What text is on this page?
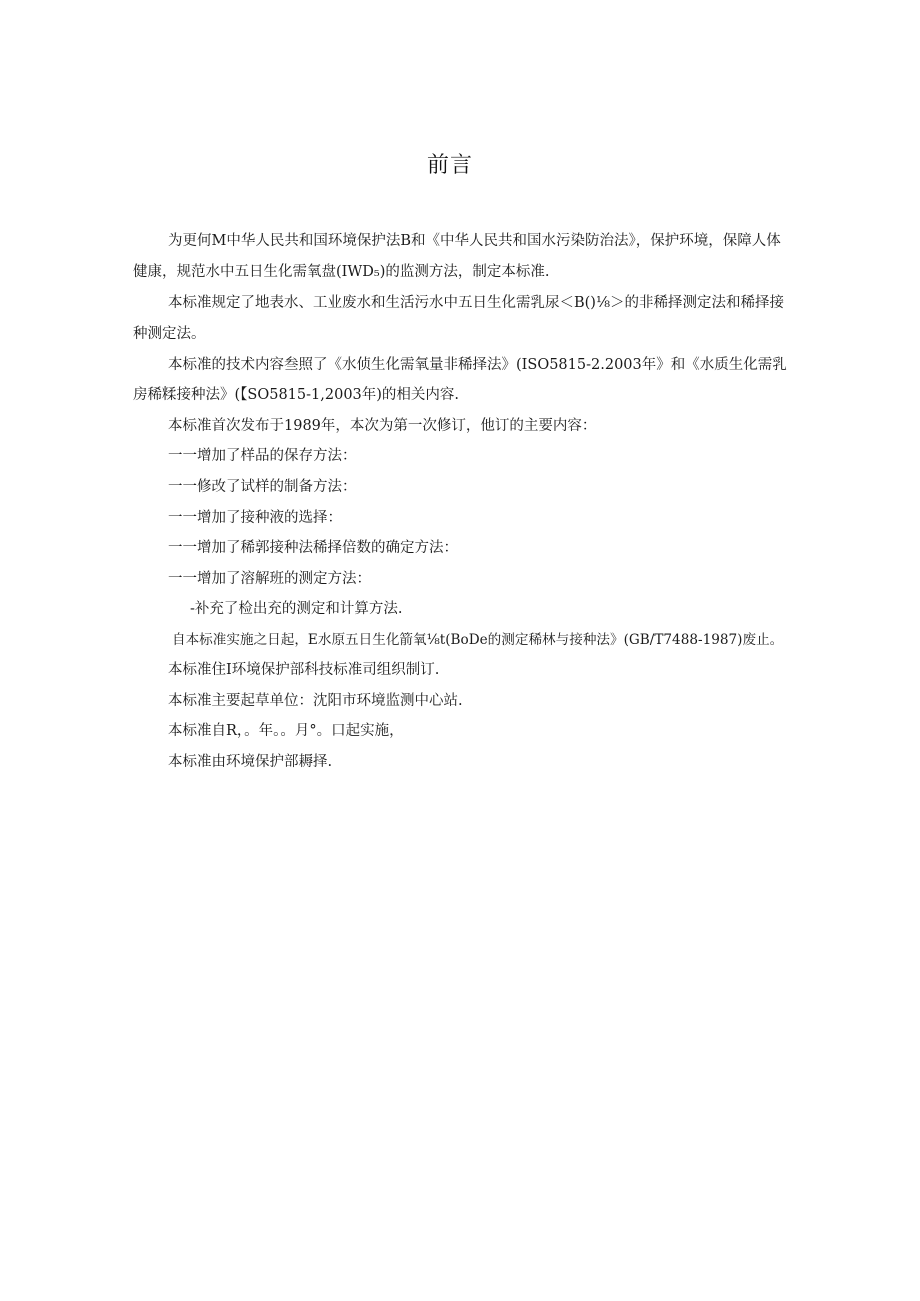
前言
为更何M中华人民共和国环境保护法B和《中华人民共和国水污染防治法》，保护环境，保障人体
健康，规范水中五日生化需氧盘(IWD₅)的监测方法，制定本标准.
本标准规定了地表水、工业废水和生活污水中五日生化需乳尿＜B()⅛＞的非稀择测定法和稀择接
种测定法。
本标准的技术内容叁照了《水侦生化需氧量非稀择法》(ISO5815-2.2003年》和《水质生化需乳
房稀糅接种法》(【SO5815-1,2003年)的相关内容.
本标准首次发布于1989年，本次为第一次修订，他订的主要内容：
一一增加了样品的保存方法：
一一修改了试样的制备方法：
一一增加了接种液的选择：
一一增加了稀郭接种法稀择倍数的确定方法：
一一增加了溶解班的测定方法：
-补充了检出充的测定和计算方法.
自本标准实施之日起，E水原五日生化箭氧⅛t(BoDe的测定稀林与接种法》(GB/T7488-1987)废止。
本标准住I环境保护部科技标准司组织制订.
本标准主要起草单位：沈阳市环境监测中心站.
本标准自R，。年。。月°。口起实施，
本标准由环境保护部耨择.
